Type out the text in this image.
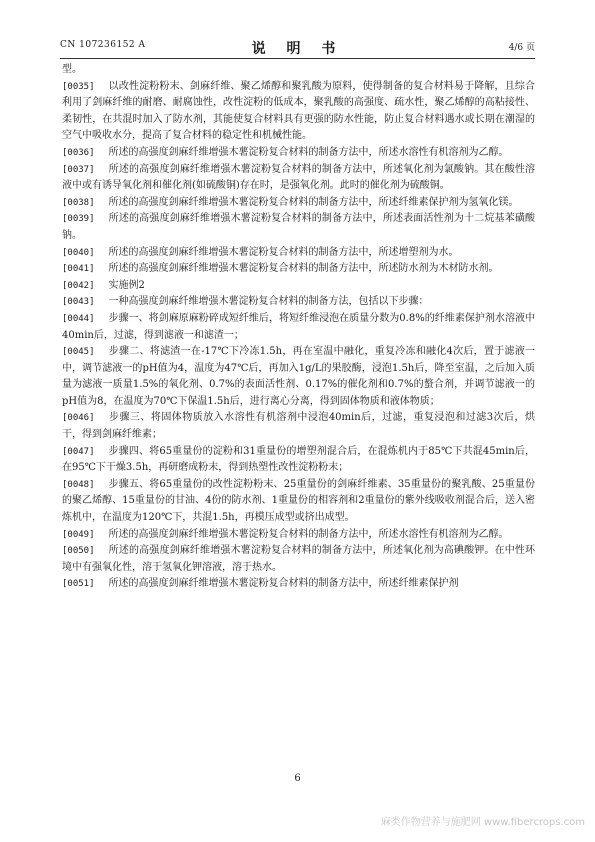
CN 107236152 A	说 明 书	4/6 页

型。

[0035] 以改性淀粉粉末、剑麻纤维、聚乙烯醇和聚乳酸为原料，使得制备的复合材料易于降解，且综合利用了剑麻纤维的耐磨、耐腐蚀性，改性淀粉的低成本，聚乳酸的高强度、疏水性，聚乙烯醇的高粘接性、柔韧性，在共混时加入了防水剂，其能使复合材料具有更强的防水性能，防止复合材料遇水或长期在潮湿的空气中吸收水分，提高了复合材料的稳定性和机械性能。

[0036] 所述的高强度剑麻纤维增强木薯淀粉复合材料的制备方法中，所述水溶性有机溶剂为乙醇。

[0037] 所述的高强度剑麻纤维增强木薯淀粉复合材料的制备方法中，所述氧化剂为氯酸钠。其在酸性溶液中或有诱导氧化剂和催化剂(如硫酸铜)存在时，是强氧化剂。此时的催化剂为硫酸铜。

[0038] 所述的高强度剑麻纤维增强木薯淀粉复合材料的制备方法中，所述纤维素保护剂为氢氧化镁。

[0039] 所述的高强度剑麻纤维增强木薯淀粉复合材料的制备方法中，所述表面活性剂为十二烷基苯磺酸钠。

[0040] 所述的高强度剑麻纤维增强木薯淀粉复合材料的制备方法中，所述增塑剂为水。

[0041] 所述的高强度剑麻纤维增强木薯淀粉复合材料的制备方法中，所述防水剂为木材防水剂。

[0042] 实施例2

[0043] 一种高强度剑麻纤维增强木薯淀粉复合材料的制备方法，包括以下步骤：

[0044] 步骤一、将剑麻原麻粉碎成短纤维后，将短纤维浸泡在质量分数为0.8%的纤维素保护剂水溶液中40min后，过滤，得到滤液一和滤渣一；

[0045] 步骤二、将滤渣一在-17℃下冷冻1.5h，再在室温中融化，重复冷冻和融化4次后，置于滤液一中，调节滤液一的pH值为4，温度为47℃后，再加入1g/L的果胶酶，浸泡1.5h后，降至室温，之后加入质量为滤液一质量1.5%的氧化剂、0.7%的表面活性剂、0.17%的催化剂和0.7%的螯合剂，并调节滤液一的pH值为8，在温度为70℃下保温1.5h后，进行离心分离，得到固体物质和液体物质；

[0046] 步骤三、将固体物质放入水溶性有机溶剂中浸泡40min后，过滤，重复浸泡和过滤3次后，烘干，得到剑麻纤维素；

[0047] 步骤四、将65重量份的淀粉和31重量份的增塑剂混合后，在混炼机内于85℃下共混45min后，在95℃下干燥3.5h，再研磨成粉末，得到热塑性改性淀粉粉末；

[0048] 步骤五、将65重量份的改性淀粉粉末、25重量份的剑麻纤维素、35重量份的聚乳酸、25重量份的聚乙烯醇、15重量份的甘油、4份的防水剂、1重量份的相容剂和2重量份的紫外线吸收剂混合后，送入密炼机中，在温度为120℃下，共混1.5h，再模压成型或挤出成型。

[0049] 所述的高强度剑麻纤维增强木薯淀粉复合材料的制备方法中，所述水溶性有机溶剂为乙醇。

[0050] 所述的高强度剑麻纤维增强木薯淀粉复合材料的制备方法中，所述氧化剂为高碘酸钾。在中性环境中有强氧化性，溶于氢氧化钾溶液，溶于热水。

[0051] 所述的高强度剑麻纤维增强木薯淀粉复合材料的制备方法中，所述纤维素保护剂

6
麻类作物营养与施肥网 www.fibercrops.com
